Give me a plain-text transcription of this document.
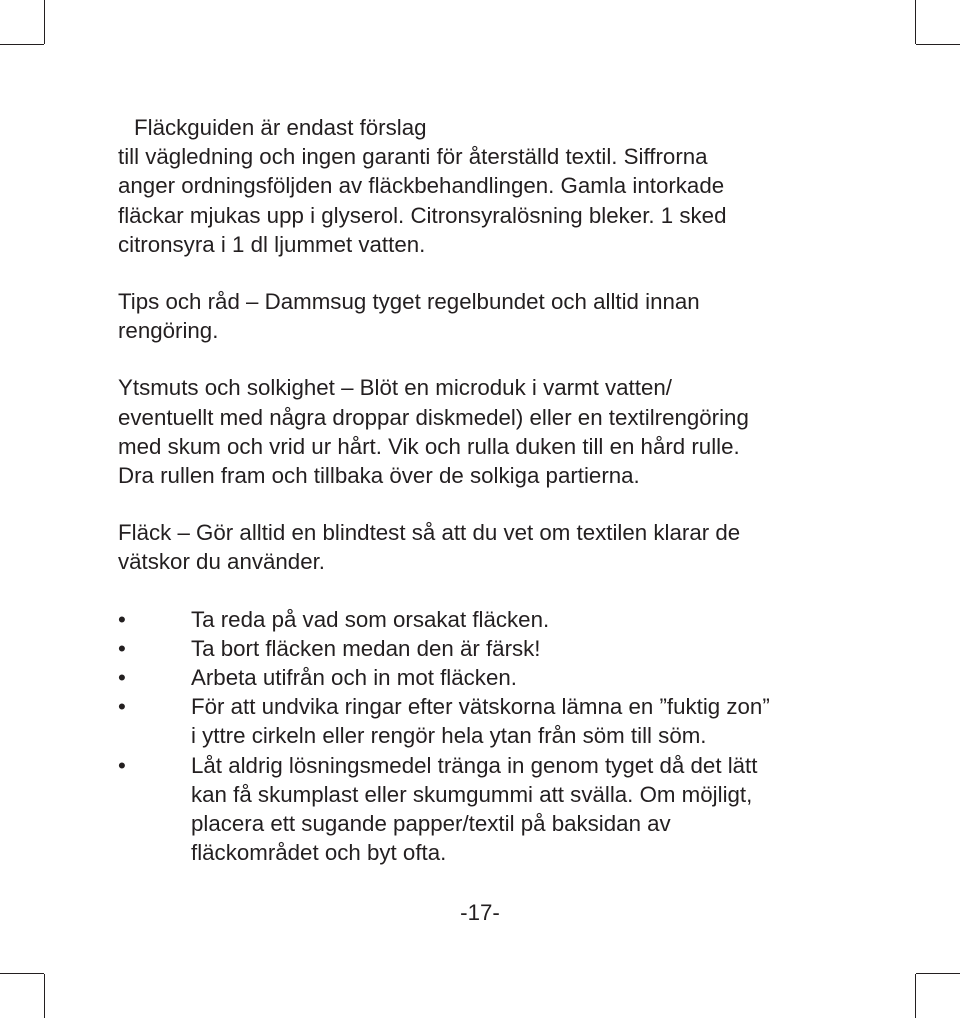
Fläckguiden är endast förslag
till vägledning och ingen garanti för återställd textil. Siffrorna
anger ordningsföljden av fläckbehandlingen. Gamla intorkade
fläckar mjukas upp i glyserol. Citronsyralösning bleker. 1 sked
citronsyra i 1 dl ljummet vatten.

Tips och råd – Dammsug tyget regelbundet och alltid innan
rengöring.

Ytsmuts och solkighet – Blöt en microduk i varmt vatten/
eventuellt med några droppar diskmedel) eller en textilrengöring
med skum och vrid ur hårt. Vik och rulla duken till en hård rulle.
Dra rullen fram och tillbaka över de solkiga partierna.

Fläck – Gör alltid en blindtest så att du vet om textilen klarar de
vätskor du använder.

•	Ta reda på vad som orsakat fläcken.
•	Ta bort fläcken medan den är färsk!
•	Arbeta utifrån och in mot fläcken.
•	För att undvika ringar efter vätskorna lämna en ”fuktig zon”
i yttre cirkeln eller rengör hela ytan från söm till söm.
•	Låt aldrig lösningsmedel tränga in genom tyget då det lätt
kan få skumplast eller skumgummi att svälla. Om möjligt,
placera ett sugande papper/textil på baksidan av
fläckområdet och byt ofta.
-17-
